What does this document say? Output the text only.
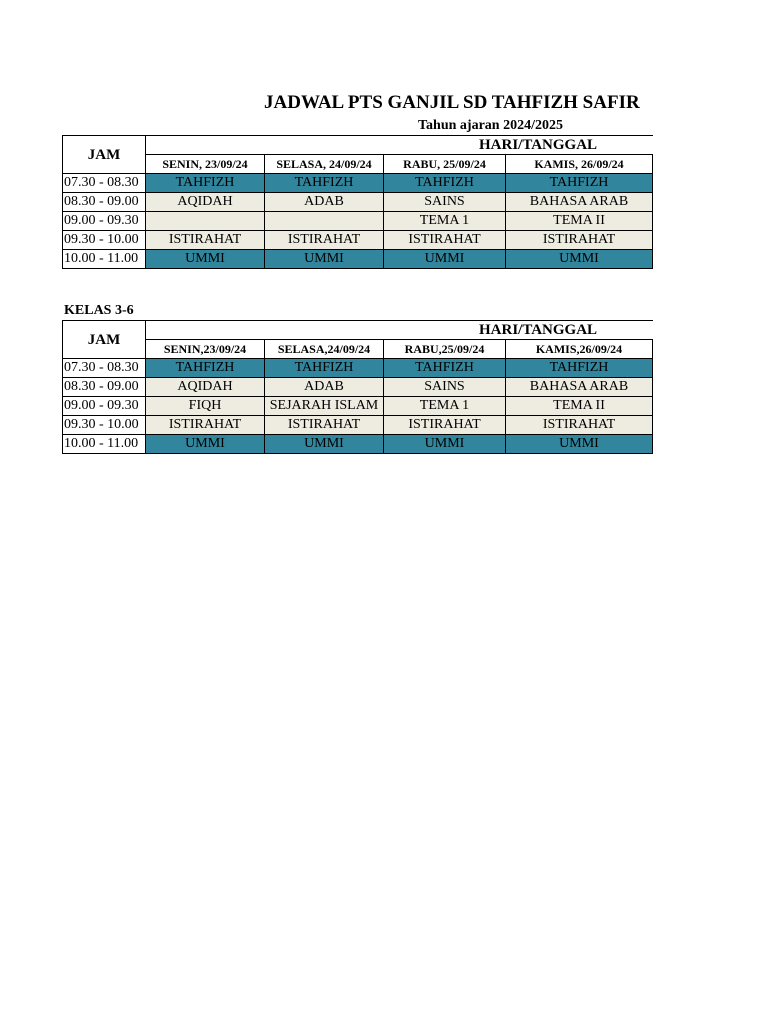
JADWAL PTS GANJIL SD TAHFIZH SAFIR
Tahun ajaran 2024/2025
JAM	HARI/TANGGAL			
	SENIN, 23/09/24	SELASA, 24/09/24	RABU, 25/09/24	KAMIS, 26/09/24
07.30 - 08.30	TAHFIZH	TAHFIZH	TAHFIZH	TAHFIZH
08.30 - 09.00	AQIDAH	ADAB	SAINS	BAHASA ARAB
09.00 - 09.30			TEMA 1	TEMA II
09.30 - 10.00	ISTIRAHAT	ISTIRAHAT	ISTIRAHAT	ISTIRAHAT
10.00 - 11.00	UMMI	UMMI	UMMI	UMMI
KELAS 3-6
JAM	HARI/TANGGAL			
	SENIN,23/09/24	SELASA,24/09/24	RABU,25/09/24	KAMIS,26/09/24
07.30 - 08.30	TAHFIZH	TAHFIZH	TAHFIZH	TAHFIZH
08.30 - 09.00	AQIDAH	ADAB	SAINS	BAHASA ARAB
09.00 - 09.30	FIQH	SEJARAH ISLAM	TEMA 1	TEMA II
09.30 - 10.00	ISTIRAHAT	ISTIRAHAT	ISTIRAHAT	ISTIRAHAT
10.00 - 11.00	UMMI	UMMI	UMMI	UMMI
